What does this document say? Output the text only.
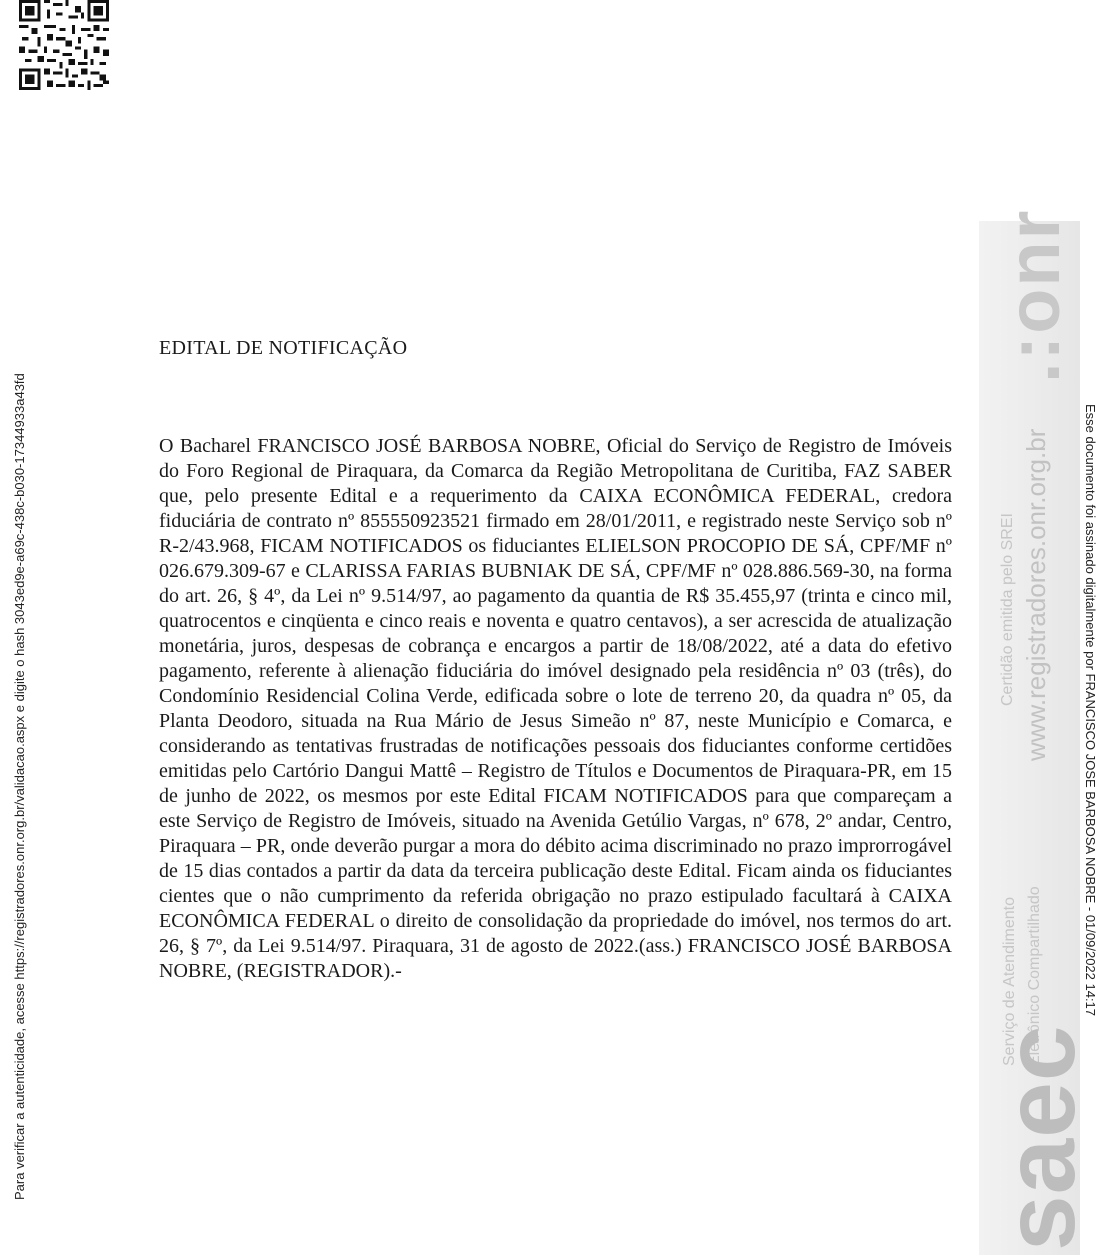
Para verificar a autenticidade, acesse https://registradores.onr.org.br/validacao.aspx e digite o hash 3043ed9e-a69c-438c-b030-17344933a43fd	Esse documento foi assinado digitalmente por FRANCISCO JOSE BARBOSA NOBRE - 01/09/2022 14:17
.:onr
Certidão emitida pelo SREI www.registradores.onr.org.br
Serviço de Atendimento Eletrônico Compartilhado
saec
EDITAL DE NOTIFICAÇÃO

O Bacharel FRANCISCO JOSÉ BARBOSA NOBRE, Oficial do Serviço de Registro de Imóveis do Foro Regional de Piraquara, da Comarca da Região Metropolitana de Curitiba, FAZ SABER que, pelo presente Edital e a requerimento da CAIXA ECONÔMICA FEDERAL, credora fiduciária de contrato nº 855550923521 firmado em 28/01/2011, e registrado neste Serviço sob nº R-2/43.968, FICAM NOTIFICADOS os fiduciantes ELIELSON PROCOPIO DE SÁ, CPF/MF nº 026.679.309-67 e CLARISSA FARIAS BUBNIAK DE SÁ, CPF/MF nº 028.886.569-30, na forma do art. 26, § 4º, da Lei nº 9.514/97, ao pagamento da quantia de R$ 35.455,97 (trinta e cinco mil, quatrocentos e cinqüenta e cinco reais e noventa e quatro centavos), a ser acrescida de atualização monetária, juros, despesas de cobrança e encargos a partir de 18/08/2022, até a data do efetivo pagamento, referente à alienação fiduciária do imóvel designado pela residência nº 03 (três), do Condomínio Residencial Colina Verde, edificada sobre o lote de terreno 20, da quadra nº 05, da Planta Deodoro, situada na Rua Mário de Jesus Simeão nº 87, neste Município e Comarca, e considerando as tentativas frustradas de notificações pessoais dos fiduciantes conforme certidões emitidas pelo Cartório Dangui Mattê – Registro de Títulos e Documentos de Piraquara-PR, em 15 de junho de 2022, os mesmos por este Edital FICAM NOTIFICADOS para que compareçam a este Serviço de Registro de Imóveis, situado na Avenida Getúlio Vargas, nº 678, 2º andar, Centro, Piraquara – PR, onde deverão purgar a mora do débito acima discriminado no prazo improrrogável de 15 dias contados a partir da data da terceira publicação deste Edital. Ficam ainda os fiduciantes cientes que o não cumprimento da referida obrigação no prazo estipulado facultará à CAIXA ECONÔMICA FEDERAL o direito de consolidação da propriedade do imóvel, nos termos do art. 26, § 7º, da Lei 9.514/97. Piraquara, 31 de agosto de 2022.(ass.) FRANCISCO JOSÉ BARBOSA NOBRE, (REGISTRADOR).-
